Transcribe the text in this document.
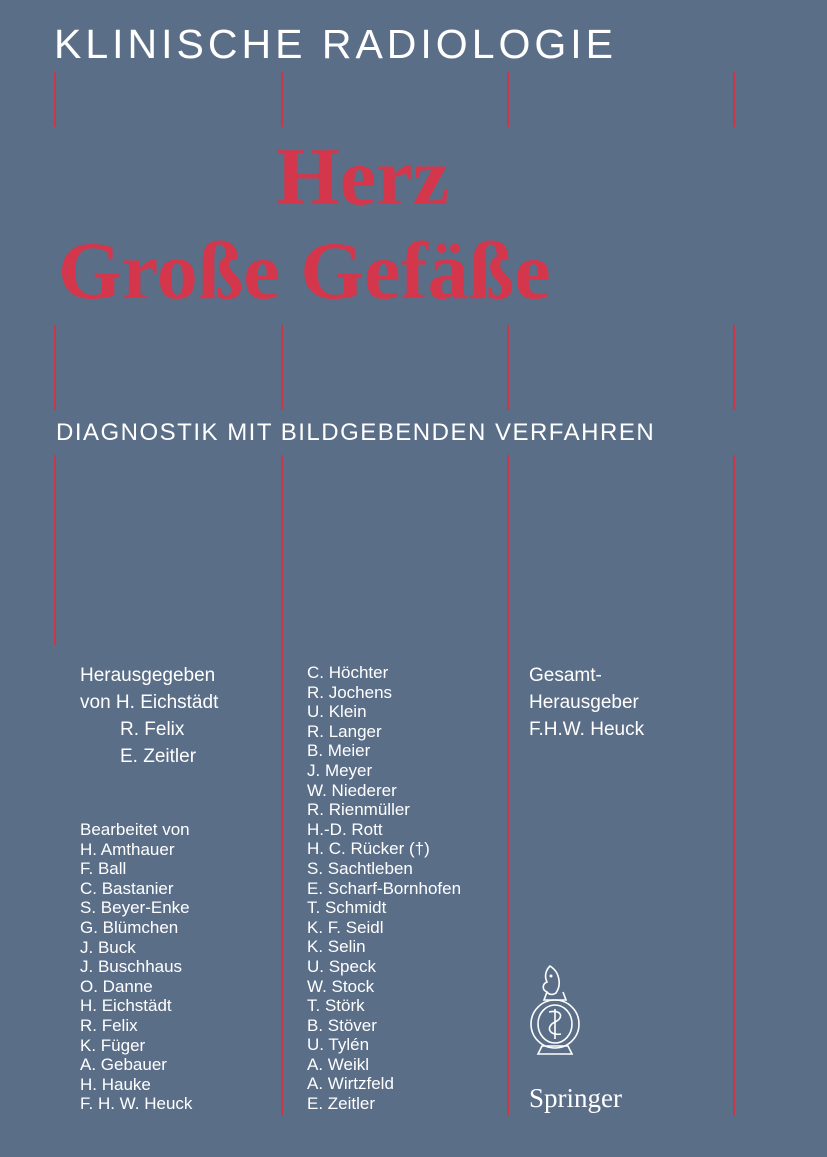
KLINISCHE RADIOLOGIE
Herz
Große Gefäße
DIAGNOSTIK MIT BILDGEBENDEN VERFAHREN
Herausgegeben
von H. Eichstädt
R. Felix
E. Zeitler
Bearbeitet von
H. Amthauer
F. Ball
C. Bastanier
S. Beyer-Enke
G. Blümchen
J. Buck
J. Buschhaus
O. Danne
H. Eichstädt
R. Felix
K. Füger
A. Gebauer
H. Hauke
F. H. W. Heuck
C. Höchter
R. Jochens
U. Klein
R. Langer
B. Meier
J. Meyer
W. Niederer
R. Rienmüller
H.-D. Rott
H. C. Rücker (†)
S. Sachtleben
E. Scharf-Bornhofen
T. Schmidt
K. F. Seidl
K. Selin
U. Speck
W. Stock
T. Störk
B. Stöver
U. Tylén
A. Weikl
A. Wirtzfeld
E. Zeitler
Gesamt-
Herausgeber
F.H.W. Heuck
Springer
